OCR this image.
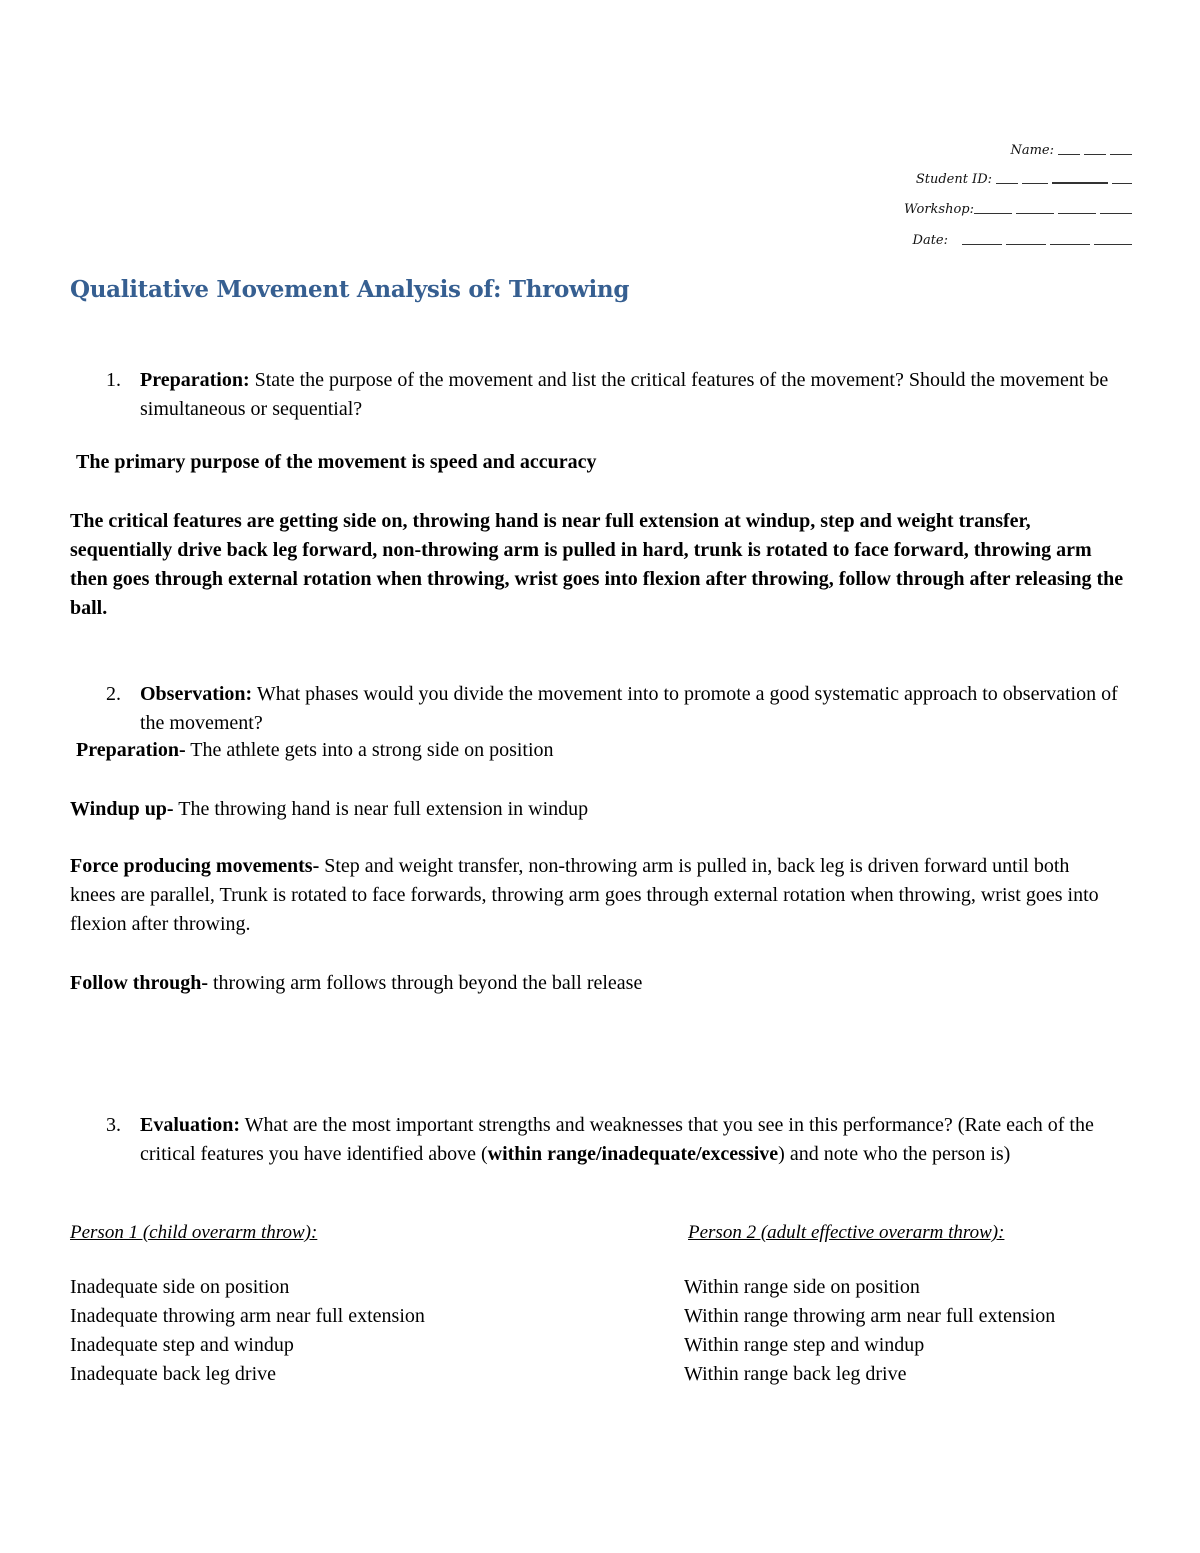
Name:
Student ID:
Workshop:
Date:
Qualitative Movement Analysis of: Throwing
1. Preparation: State the purpose of the movement and list the critical features of the movement? Should the movement be simultaneous or sequential?
The primary purpose of the movement is speed and accuracy
The critical features are getting side on, throwing hand is near full extension at windup, step and weight transfer, sequentially drive back leg forward, non-throwing arm is pulled in hard, trunk is rotated to face forward, throwing arm then goes through external rotation when throwing, wrist goes into flexion after throwing, follow through after releasing the ball.
2. Observation: What phases would you divide the movement into to promote a good systematic approach to observation of the movement?
Preparation- The athlete gets into a strong side on position
Windup up- The throwing hand is near full extension in windup
Force producing movements- Step and weight transfer, non-throwing arm is pulled in, back leg is driven forward until both knees are parallel, Trunk is rotated to face forwards, throwing arm goes through external rotation when throwing, wrist goes into flexion after throwing.
Follow through- throwing arm follows through beyond the ball release
3. Evaluation: What are the most important strengths and weaknesses that you see in this performance? (Rate each of the critical features you have identified above (within range/inadequate/excessive) and note who the person is)
Person 1 (child overarm throw):
Inadequate side on position
Inadequate throwing arm near full extension
Inadequate step and windup
Inadequate back leg drive
Person 2 (adult effective overarm throw):
Within range side on position
Within range throwing arm near full extension
Within range step and windup
Within range back leg drive
